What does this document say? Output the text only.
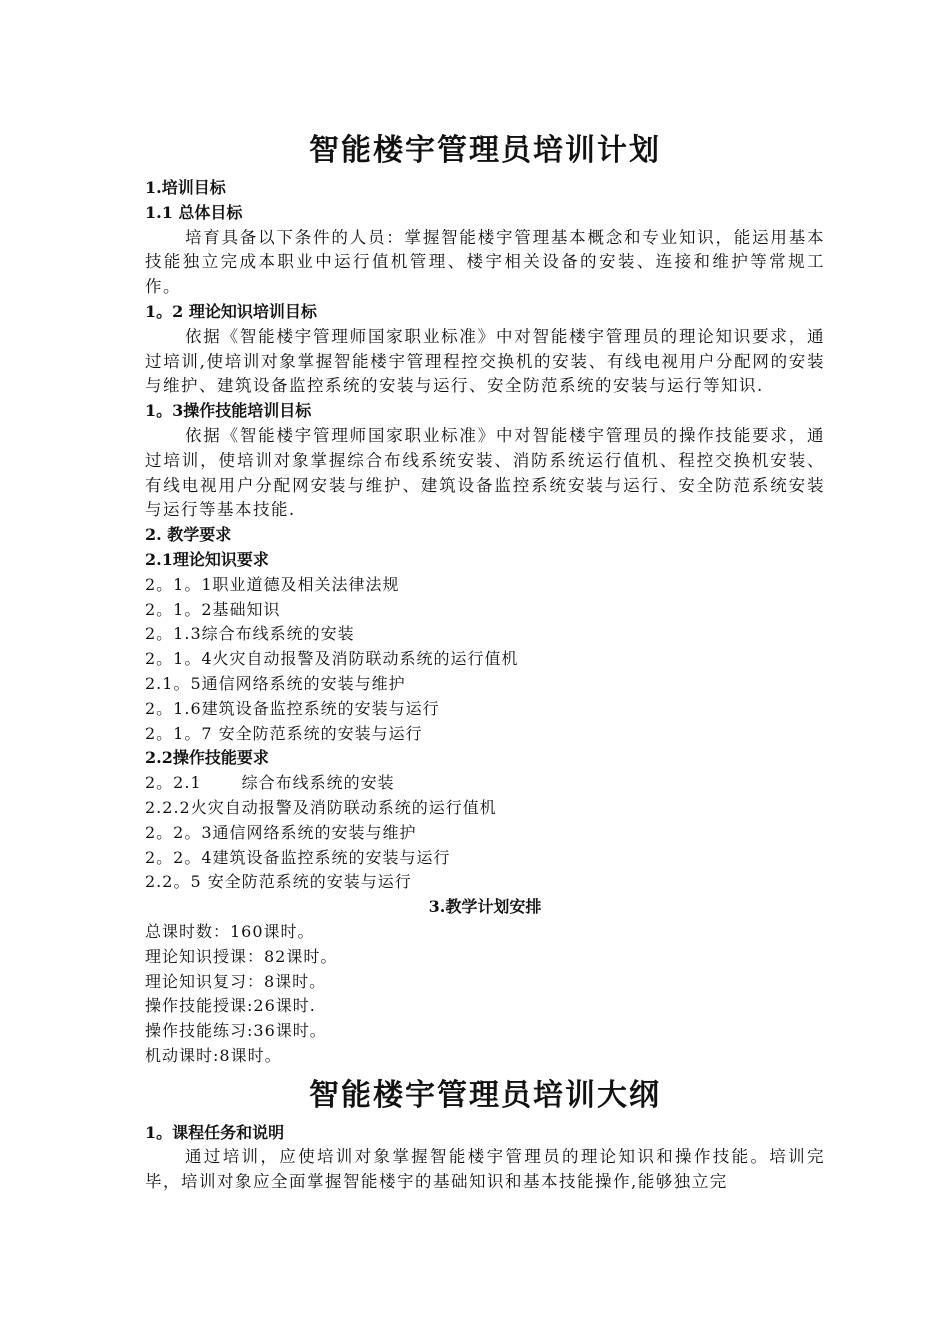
智能楼宇管理员培训计划
1.培训目标
1.1 总体目标
培育具备以下条件的人员：掌握智能楼宇管理基本概念和专业知识，能运用基本技能独立完成本职业中运行值机管理、楼宇相关设备的安装、连接和维护等常规工作。
1。2 理论知识培训目标
依据《智能楼宇管理师国家职业标准》中对智能楼宇管理员的理论知识要求，通过培训,使培训对象掌握智能楼宇管理程控交换机的安装、有线电视用户分配网的安装与维护、建筑设备监控系统的安装与运行、安全防范系统的安装与运行等知识.
1。3操作技能培训目标
依据《智能楼宇管理师国家职业标准》中对智能楼宇管理员的操作技能要求，通过培训，使培训对象掌握综合布线系统安装、消防系统运行值机、程控交换机安装、有线电视用户分配网安装与维护、建筑设备监控系统安装与运行、安全防范系统安装与运行等基本技能.
2. 教学要求
2.1理论知识要求
2。1。1职业道德及相关法律法规
2。1。2基础知识
2。1.3综合布线系统的安装
2。1。4火灾自动报警及消防联动系统的运行值机
2.1。5通信网络系统的安装与维护
2。1.6建筑设备监控系统的安装与运行
2。1。7 安全防范系统的安装与运行
2.2操作技能要求
2。2.1	综合布线系统的安装
2.2.2火灾自动报警及消防联动系统的运行值机
2。2。3通信网络系统的安装与维护
2。2。4建筑设备监控系统的安装与运行
2.2。5 安全防范系统的安装与运行
3.教学计划安排
总课时数：160课时。
理论知识授课：82课时。
理论知识复习：8课时。
操作技能授课:26课时.
操作技能练习:36课时。
机动课时:8课时。
智能楼宇管理员培训大纲
1。课程任务和说明
通过培训，应使培训对象掌握智能楼宇管理员的理论知识和操作技能。培训完毕，培训对象应全面掌握智能楼宇的基础知识和基本技能操作,能够独立完
